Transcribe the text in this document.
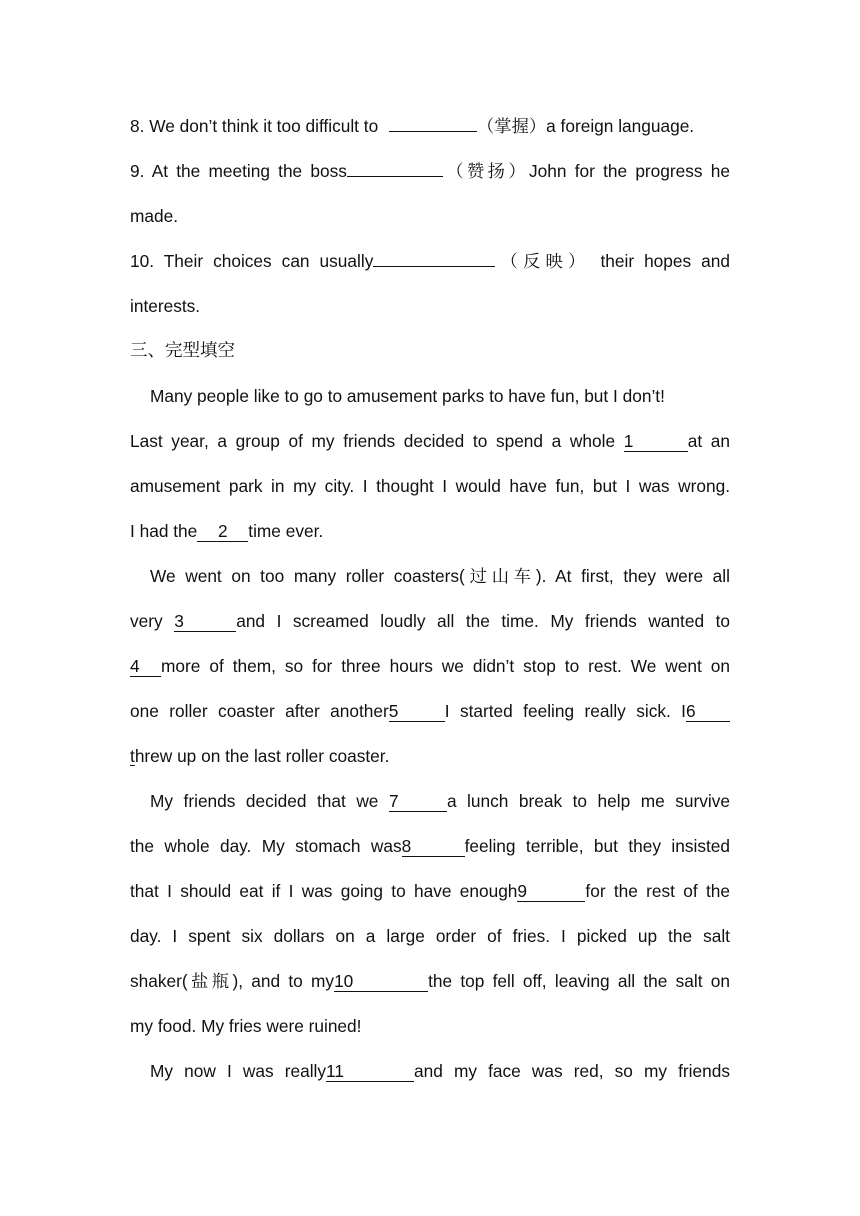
8. We don’t think it too difficult to	（掌握）a foreign language.
9. At the meeting the boss	（赞扬）John for the progress he
made.
10. Their choices can usually	（反映） their hopes and
interests.
三、完型填空
Many people like to go to amusement parks to have fun, but I don’t!
Last year, a group of my friends decided to spend a whole 1	at an
amusement park in my city. I thought I would have fun, but I was wrong.
I had the 2 time ever.
We went on too many roller coasters(过山车). At first, they were all
very 3	and I screamed loudly all the time. My friends wanted to
4 more of them, so for three hours we didn’t stop to rest. We went on
one roller coaster after another5	I started feeling really sick. I6
threw up on the last roller coaster.
My friends decided that we 7	a lunch break to help me survive
the whole day. My stomach was8	feeling terrible, but they insisted
that I should eat if I was going to have enough9	for the rest of the
day. I spent six dollars on a large order of fries. I picked up the salt
shaker(盐瓶), and to my10	the top fell off, leaving all the salt on
my food. My fries were ruined!
My now I was really11	and my face was red, so my friends
